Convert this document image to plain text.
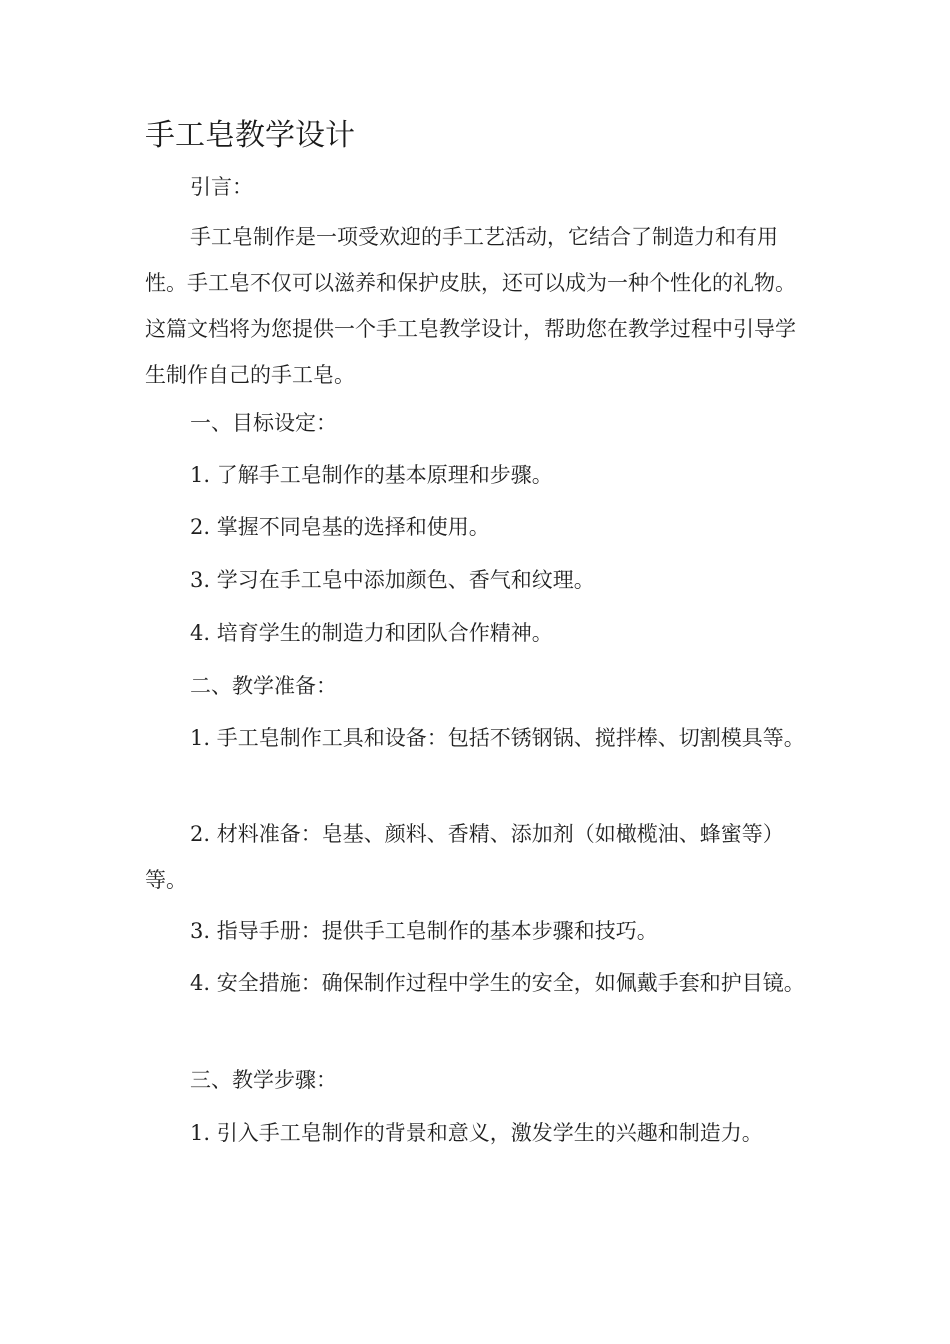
手工皂教学设计

引言：

手工皂制作是一项受欢迎的手工艺活动，它结合了制造力和有用性。手工皂不仅可以滋养和保护皮肤，还可以成为一种个性化的礼物。这篇文档将为您提供一个手工皂教学设计，帮助您在教学过程中引导学生制作自己的手工皂。

一、目标设定：

1. 了解手工皂制作的基本原理和步骤。

2. 掌握不同皂基的选择和使用。

3. 学习在手工皂中添加颜色、香气和纹理。

4. 培育学生的制造力和团队合作精神。

二、教学准备：

1. 手工皂制作工具和设备：包括不锈钢锅、搅拌棒、切割模具等。

2. 材料准备：皂基、颜料、香精、添加剂（如橄榄油、蜂蜜等）等。

3. 指导手册：提供手工皂制作的基本步骤和技巧。

4. 安全措施：确保制作过程中学生的安全，如佩戴手套和护目镜。

三、教学步骤：

1. 引入手工皂制作的背景和意义，激发学生的兴趣和制造力。
